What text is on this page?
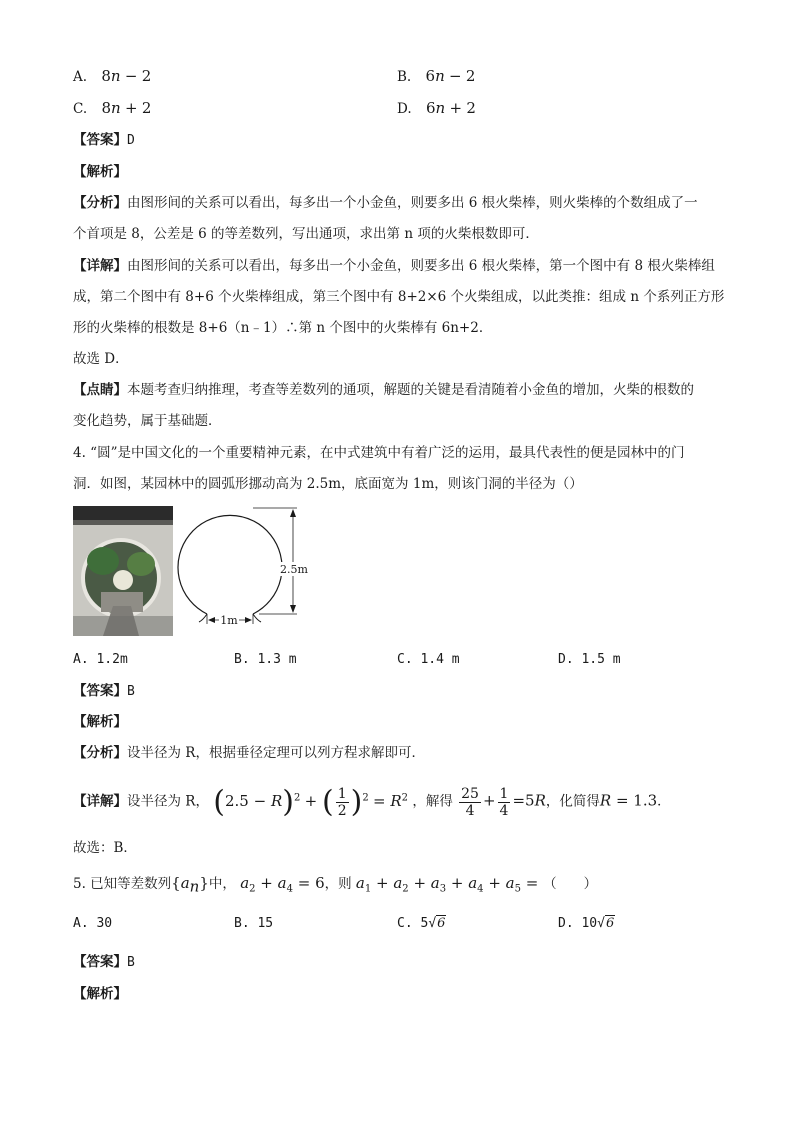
A. 8n − 2	B. 6n − 2
C. 8n + 2	D. 6n + 2
【答案】D
【解析】
【分析】由图形间的关系可以看出，每多出一个小金鱼，则要多出 6 根火柴棒，则火柴棒的个数组成了一
个首项是 8，公差是 6 的等差数列，写出通项，求出第 n 项的火柴根数即可．
【详解】由图形间的关系可以看出，每多出一个小金鱼，则要多出 6 根火柴棒，第一个图中有 8 根火柴棒组
成，第二个图中有 8+6 个火柴棒组成，第三个图中有 8+2×6 个火柴组成，以此类推：组成 n 个系列正方形
形的火柴棒的根数是 8+6（n﹣1）∴第 n 个图中的火柴棒有 6n+2．
故选 D．
【点睛】本题考查归纳推理，考查等差数列的通项，解题的关键是看清随着小金鱼的增加，火柴的根数的
变化趋势，属于基础题．
4. “圆”是中国文化的一个重要精神元素，在中式建筑中有着广泛的运用，最具代表性的便是园林中的门
洞．如图，某园林中的圆弧形挪动高为 2.5m，底面宽为 1m，则该门洞的半径为（）
2.5m
1m
A. 1.2m	B. 1.3 m	C. 1.4 m	D. 1.5 m
【答案】B
【解析】
【分析】设半径为 R，根据垂径定理可以列方程求解即可．
【详解】设半径为 R， $(2.5 - R)^2$ + ( $\frac{1}{2} )^2 = R^2$ ，解得 $\frac{25}{4} + \frac{1}{4} =5R$，化简得R = 1.3．
故选：B．
5. 已知等差数列$\{a_n\}$中， $a_2 + a_4 = 6$，则 $a_1 + a_2 + a_3 + a_4 + a_5$ = （　　）
A. 30	B. 15	C. 5√6	D. 10√6
【答案】B
【解析】
